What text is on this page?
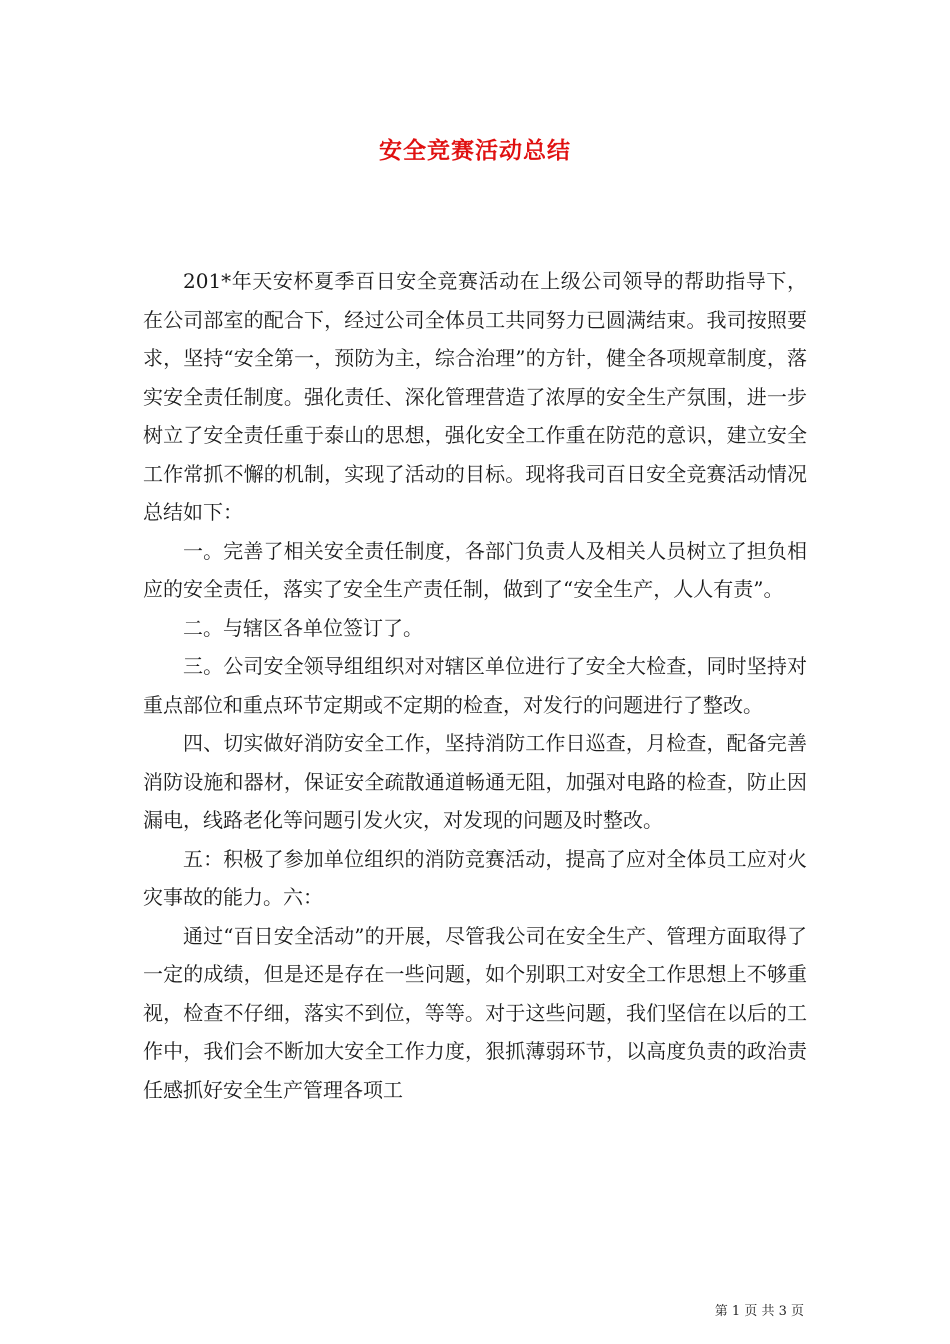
安全竞赛活动总结

201*年天安杯夏季百日安全竞赛活动在上级公司领导的帮助指导下，在公司部室的配合下，经过公司全体员工共同努力已圆满结束。我司按照要求，坚持“安全第一，预防为主，综合治理”的方针，健全各项规章制度，落实安全责任制度。强化责任、深化管理营造了浓厚的安全生产氛围，进一步树立了安全责任重于泰山的思想，强化安全工作重在防范的意识，建立安全工作常抓不懈的机制，实现了活动的目标。现将我司百日安全竞赛活动情况总结如下：

一。完善了相关安全责任制度，各部门负责人及相关人员树立了担负相应的安全责任，落实了安全生产责任制，做到了“安全生产，人人有责”。

二。与辖区各单位签订了。

三。公司安全领导组组织对对辖区单位进行了安全大检查，同时坚持对重点部位和重点环节定期或不定期的检查，对发行的问题进行了整改。

四、切实做好消防安全工作，坚持消防工作日巡查，月检查，配备完善消防设施和器材，保证安全疏散通道畅通无阻，加强对电路的检查，防止因漏电，线路老化等问题引发火灾，对发现的问题及时整改。

五：积极了参加单位组织的消防竞赛活动，提高了应对全体员工应对火灾事故的能力。六：

通过“百日安全活动”的开展，尽管我公司在安全生产、管理方面取得了一定的成绩，但是还是存在一些问题，如个别职工对安全工作思想上不够重视，检查不仔细，落实不到位，等等。对于这些问题，我们坚信在以后的工作中，我们会不断加大安全工作力度，狠抓薄弱环节，以高度负责的政治责任感抓好安全生产管理各项工

第 1 页 共 3 页
